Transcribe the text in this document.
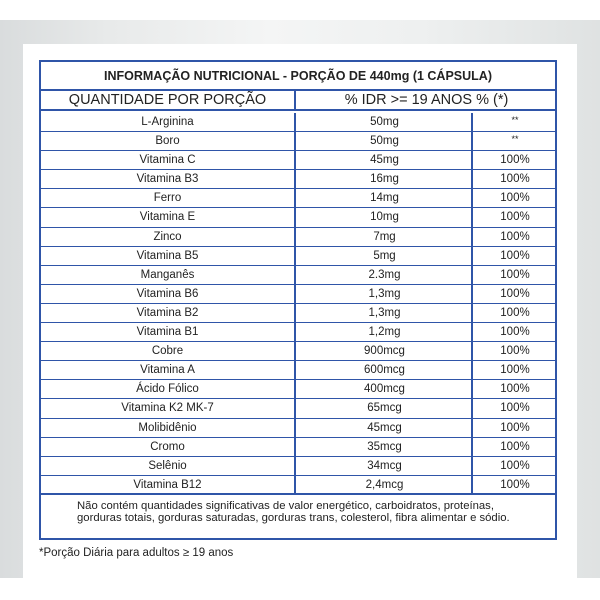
INFORMAÇÃO NUTRICIONAL - PORÇÃO DE 440mg (1 CÁPSULA)
QUANTIDADE POR PORÇÃO	% IDR >= 19 ANOS % (*)
L-Arginina	50mg	**
Boro	50mg	**
Vitamina C	45mg	100%
Vitamina B3	16mg	100%
Ferro	14mg	100%
Vitamina E	10mg	100%
Zinco	7mg	100%
Vitamina B5	5mg	100%
Manganês	2.3mg	100%
Vitamina B6	1,3mg	100%
Vitamina B2	1,3mg	100%
Vitamina B1	1,2mg	100%
Cobre	900mcg	100%
Vitamina A	600mcg	100%
Ácido Fólico	400mcg	100%
Vitamina K2 MK-7	65mcg	100%
Molibidênio	45mcg	100%
Cromo	35mcg	100%
Selênio	34mcg	100%
Vitamina B12	2,4mcg	100%
Não contém quantidades significativas de valor energético, carboidratos, proteínas, gorduras totais, gorduras saturadas, gorduras trans, colesterol, fibra alimentar e sódio.
*Porção Diária para adultos ≥ 19 anos
